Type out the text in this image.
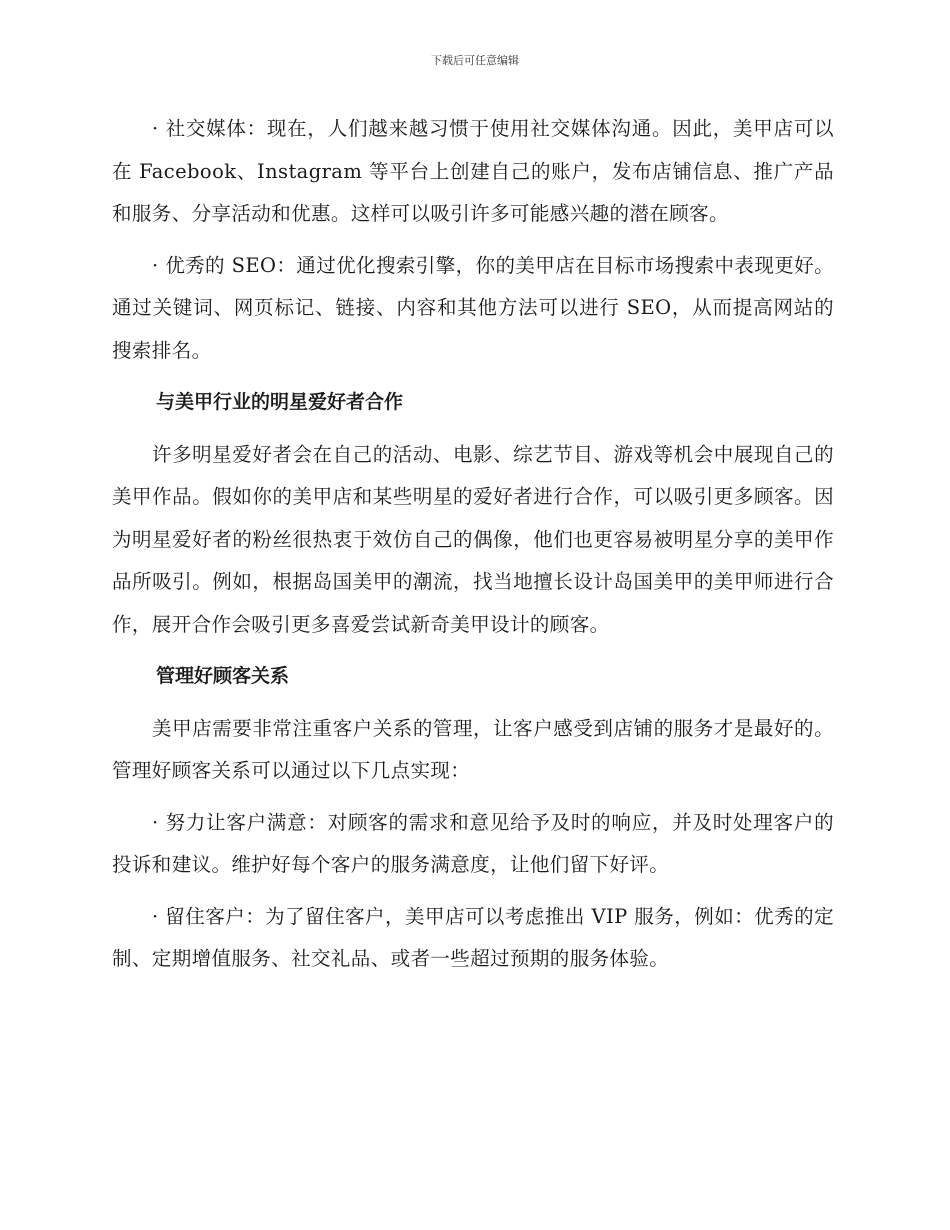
下载后可任意编辑

· 社交媒体：现在，人们越来越习惯于使用社交媒体沟通。因此，美甲店可以在 Facebook、Instagram 等平台上创建自己的账户，发布店铺信息、推广产品和服务、分享活动和优惠。这样可以吸引许多可能感兴趣的潜在顾客。

· 优秀的 SEO：通过优化搜索引擎，你的美甲店在目标市场搜索中表现更好。通过关键词、网页标记、链接、内容和其他方法可以进行 SEO，从而提高网站的搜索排名。

与美甲行业的明星爱好者合作

许多明星爱好者会在自己的活动、电影、综艺节目、游戏等机会中展现自己的美甲作品。假如你的美甲店和某些明星的爱好者进行合作，可以吸引更多顾客。因为明星爱好者的粉丝很热衷于效仿自己的偶像，他们也更容易被明星分享的美甲作品所吸引。例如，根据岛国美甲的潮流，找当地擅长设计岛国美甲的美甲师进行合作，展开合作会吸引更多喜爱尝试新奇美甲设计的顾客。

管理好顾客关系

美甲店需要非常注重客户关系的管理，让客户感受到店铺的服务才是最好的。管理好顾客关系可以通过以下几点实现：

· 努力让客户满意：对顾客的需求和意见给予及时的响应，并及时处理客户的投诉和建议。维护好每个客户的服务满意度，让他们留下好评。

· 留住客户：为了留住客户，美甲店可以考虑推出 VIP 服务，例如：优秀的定制、定期增值服务、社交礼品、或者一些超过预期的服务体验。
